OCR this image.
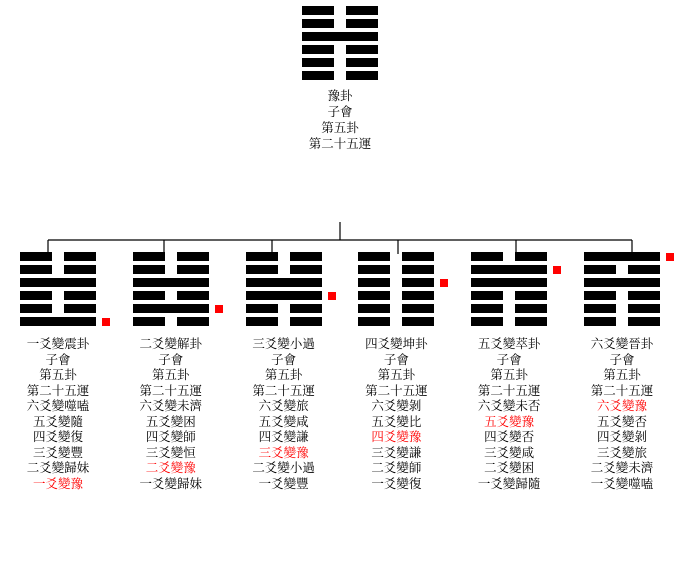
豫卦
子會
第五卦
第二十五運
一爻變震卦
子會
第五卦
第二十五運
六爻變噬嗑
五爻變隨
四爻變復
三爻變豐
二爻變歸妹
一爻變豫
二爻變解卦
子會
第五卦
第二十五運
六爻變未濟
五爻變困
四爻變師
三爻變恒
二爻變豫
一爻變歸妹
三爻變小過
子會
第五卦
第二十五運
六爻變旅
五爻變咸
四爻變謙
三爻變豫
二爻變小過
一爻變豐
四爻變坤卦
子會
第五卦
第二十五運
六爻變剝
五爻變比
四爻變豫
三爻變謙
二爻變師
一爻變復
五爻變萃卦
子會
第五卦
第二十五運
六爻變未否
五爻變豫
四爻變否
三爻變咸
二爻變困
一爻變歸隨
六爻變晉卦
子會
第五卦
第二十五運
六爻變豫
五爻變否
四爻變剝
三爻變旅
二爻變未濟
一爻變噬嗑
